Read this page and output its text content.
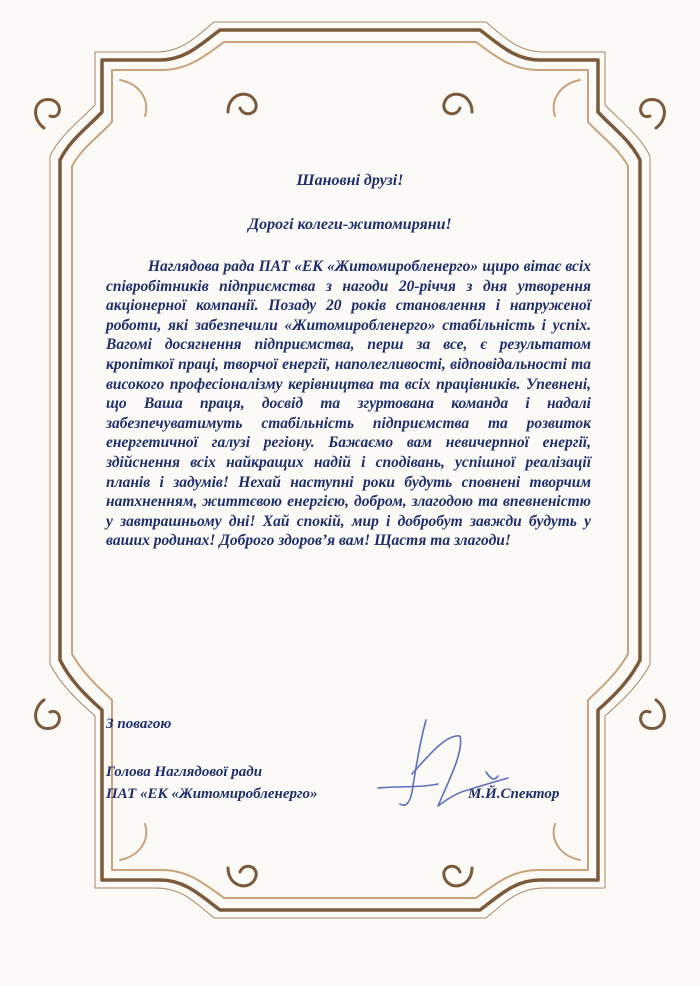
Шановні друзі!
Дорогі колеги-житомиряни!
Наглядова рада ПАТ «ЕК «Житомиробленерго» щиро вітає всіх співробітників підприємства з нагоди 20-річчя з дня утворення акціонерної компанії. Позаду 20 років становлення і напруженої роботи, які забезпечили «Житомиробленерго» стабільність і успіх. Вагомі досягнення підприємства, перш за все, є результатом кропіткої праці, творчої енергії, наполегливості, відповідальності та високого професіоналізму керівництва та всіх працівників. Упевнені, що Ваша праця, досвід та згуртована команда і надалі забезпечуватимуть стабільність підприємства та розвиток енергетичної галузі регіону. Бажаємо вам невичерпної енергії, здійснення всіх найкращих надій і сподівань, успішної реалізації планів і задумів! Нехай наступні роки будуть сповнені творчим натхненням, життєвою енергією, добром, злагодою та впевненістю у завтрашньому дні! Хай спокій, мир і добробут завжди будуть у ваших родинах! Доброго здоров’я вам! Щастя та злагоди!
З повагою
Голова Наглядової ради
ПАТ «ЕК «Житомиробленерго»	М.Й.Спектор
